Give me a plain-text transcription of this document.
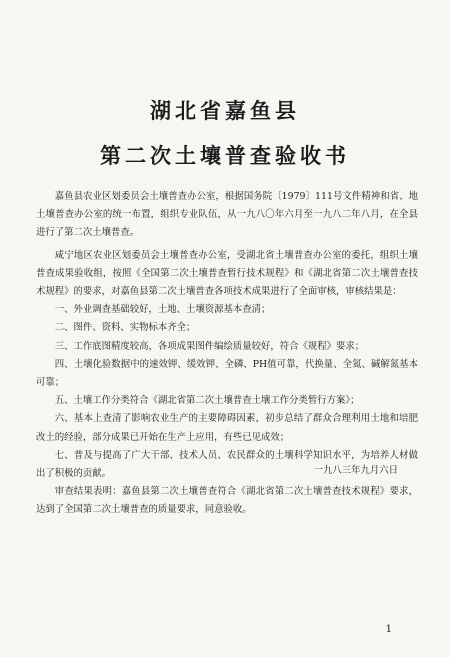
湖北省嘉鱼县
第二次土壤普查验收书

嘉鱼县农业区划委员会土壤普查办公室，根据国务院〔1979〕111号文件精神和省、地土壤普查办公室的统一布置，组织专业队伍，从一九八〇年六月至一九八二年八月，在全县进行了第二次土壤普查。

咸宁地区农业区划委员会土壤普查办公室，受湖北省土壤普查办公室的委托，组织土壤普查成果验收组，按照《全国第二次土壤普查暂行技术规程》和《湖北省第二次土壤普查技术规程》的要求，对嘉鱼县第二次土壤普查各项技术成果进行了全面审核，审核结果是：

一、外业调查基础较好，土地、土壤资源基本查清；

二、图件、资料、实物标本齐全；

三、工作底图精度较高，各项成果图件编绘质量较好，符合《规程》要求；

四、土壤化验数据中的速效钾、缓效钾、全磷、PH值可靠，代换量、全氮、碱解氮基本可靠；

五、土壤工作分类符合《湖北省第二次土壤普查土壤工作分类暂行方案》；

六、基本上查清了影响农业生产的主要障碍因素，初步总结了群众合理利用土地和培肥改土的经验，部分成果已开始在生产上应用，有些已见成效；

七、普及与提高了广大干部、技术人员、农民群众的土壤科学知识水平，为培养人材做出了积极的贡献。

审查结果表明：嘉鱼县第二次土壤普查符合《湖北省第二次土壤普查技术规程》要求，达到了全国第二次土壤普查的质量要求，同意验收。

一九八三年九月六日
1
